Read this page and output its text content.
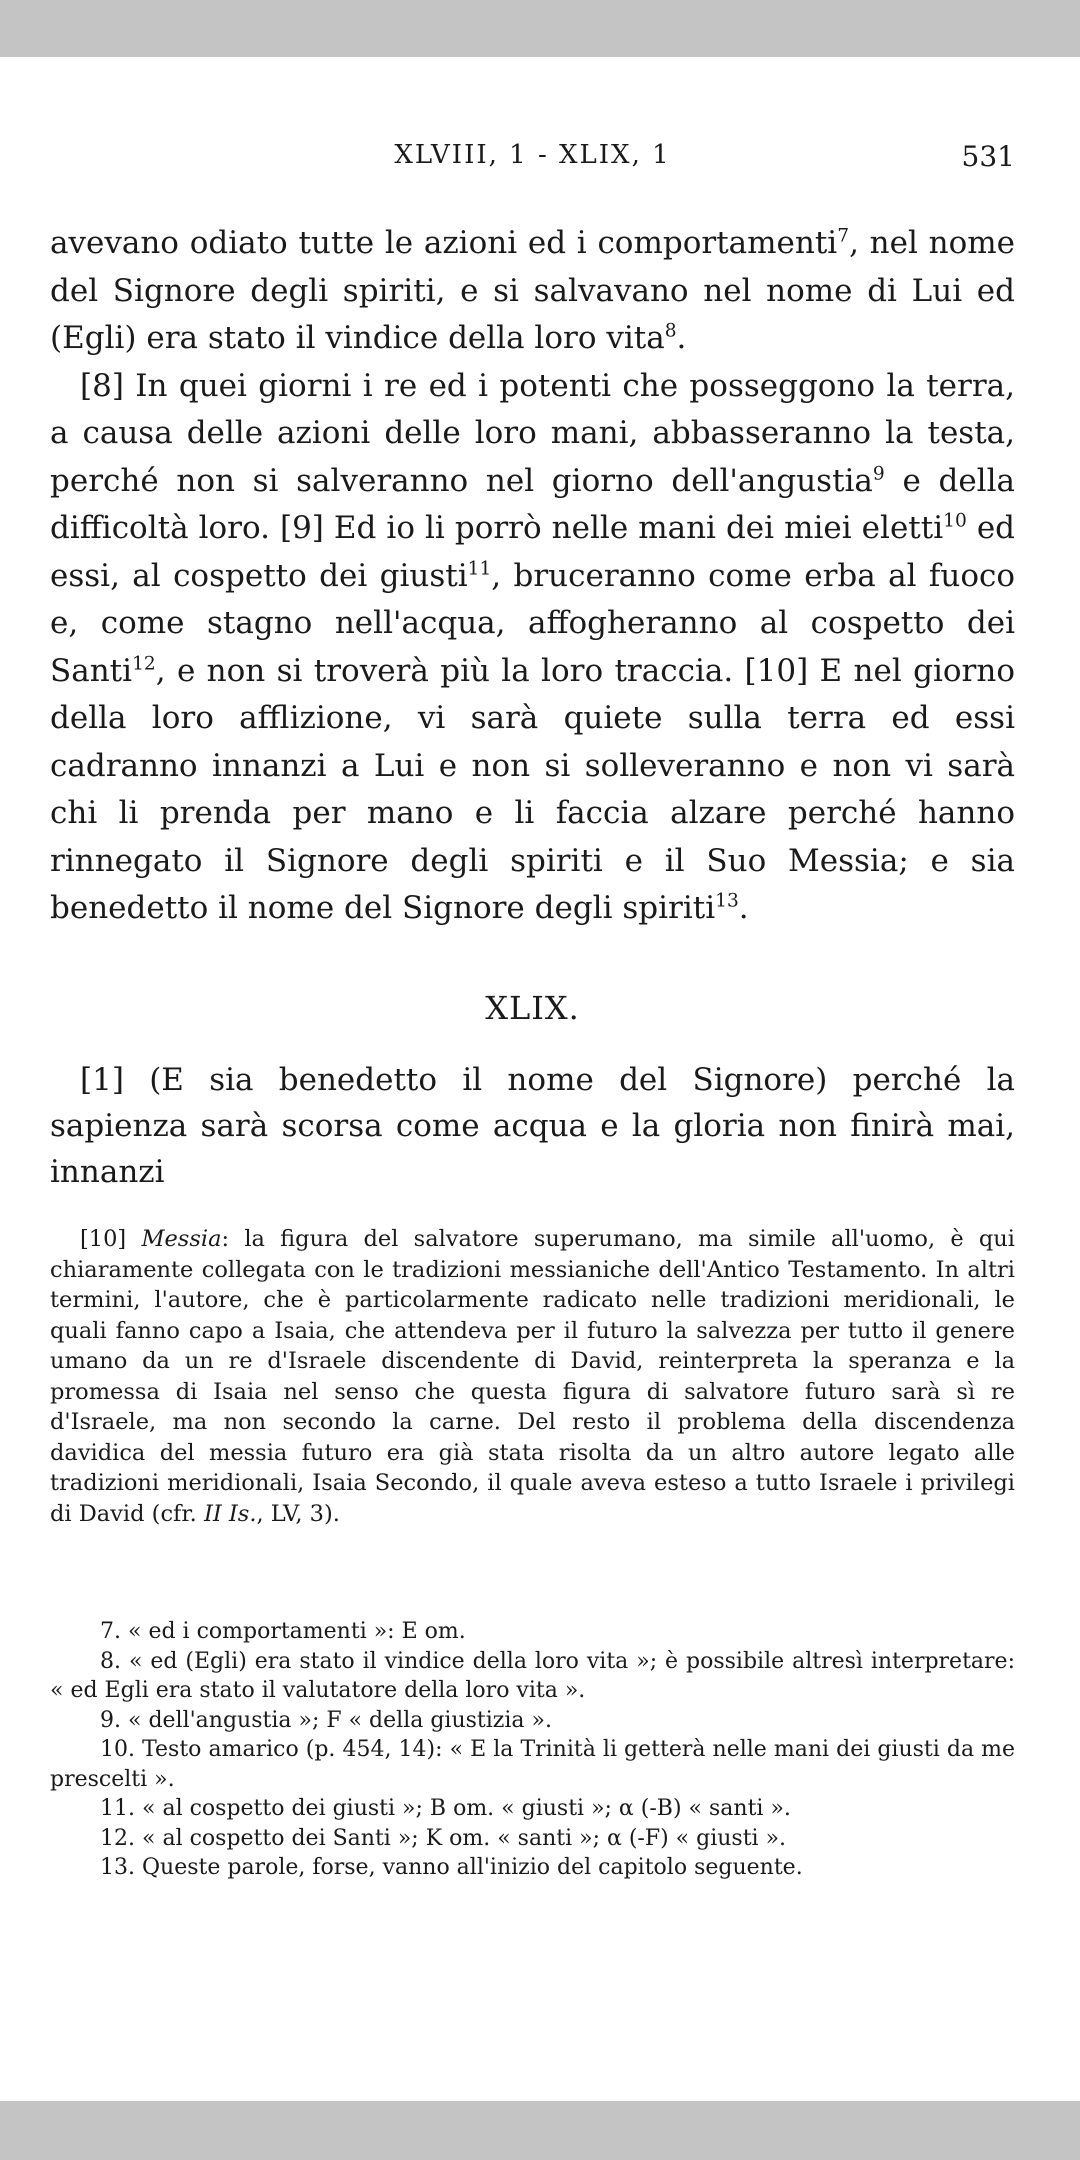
XLVIII, 1 - XLIX, 1	531

avevano odiato tutte le azioni ed i comportamenti$^7$, nel nome del Signore degli spiriti, e si salvavano nel nome di Lui ed (Egli) era stato il vindice della loro vita$^8$.

[8] In quei giorni i re ed i potenti che posseggono la terra, a causa delle azioni delle loro mani, abbasseranno la testa, perché non si salveranno nel giorno dell'angustia$^9$ e della difficoltà loro. [9] Ed io li porrò nelle mani dei miei eletti$^{10}$ ed essi, al cospetto dei giusti$^{11}$, bruceranno come erba al fuoco e, come stagno nell'acqua, affogheranno al cospetto dei Santi$^{12}$, e non si troverà più la loro traccia. [10] E nel giorno della loro afflizione, vi sarà quiete sulla terra ed essi cadranno innanzi a Lui e non si solleveranno e non vi sarà chi li prenda per mano e li faccia alzare perché hanno rinnegato il Signore degli spiriti e il Suo Messia; e sia benedetto il nome del Signore degli spiriti$^{13}$.

XLIX.

[1] (E sia benedetto il nome del Signore) perché la sapienza sarà scorsa come acqua e la gloria non finirà mai, innanzi

[10] Messia: la figura del salvatore superumano, ma simile all'uomo, è qui chiaramente collegata con le tradizioni messianiche dell'Antico Testamento. In altri termini, l'autore, che è particolarmente radicato nelle tradizioni meridionali, le quali fanno capo a Isaia, che attendeva per il futuro la salvezza per tutto il genere umano da un re d'Israele discendente di David, reinterpreta la speranza e la promessa di Isaia nel senso che questa figura di salvatore futuro sarà sì re d'Israele, ma non secondo la carne. Del resto il problema della discendenza davidica del messia futuro era già stata risolta da un altro autore legato alle tradizioni meridionali, Isaia Secondo, il quale aveva esteso a tutto Israele i privilegi di David (cfr. II Is., LV, 3).

7. « ed i comportamenti »: E om.

8. « ed (Egli) era stato il vindice della loro vita »; è possibile altresì interpretare: « ed Egli era stato il valutatore della loro vita ».

9. « dell'angustia »; F « della giustizia ».

10. Testo amarico (p. 454, 14): « E la Trinità li getterà nelle mani dei giusti da me prescelti ».

11. « al cospetto dei giusti »; B om. « giusti »; α (-B) « santi ».

12. « al cospetto dei Santi »; K om. « santi »; α (-F) « giusti ».

13. Queste parole, forse, vanno all'inizio del capitolo seguente.
